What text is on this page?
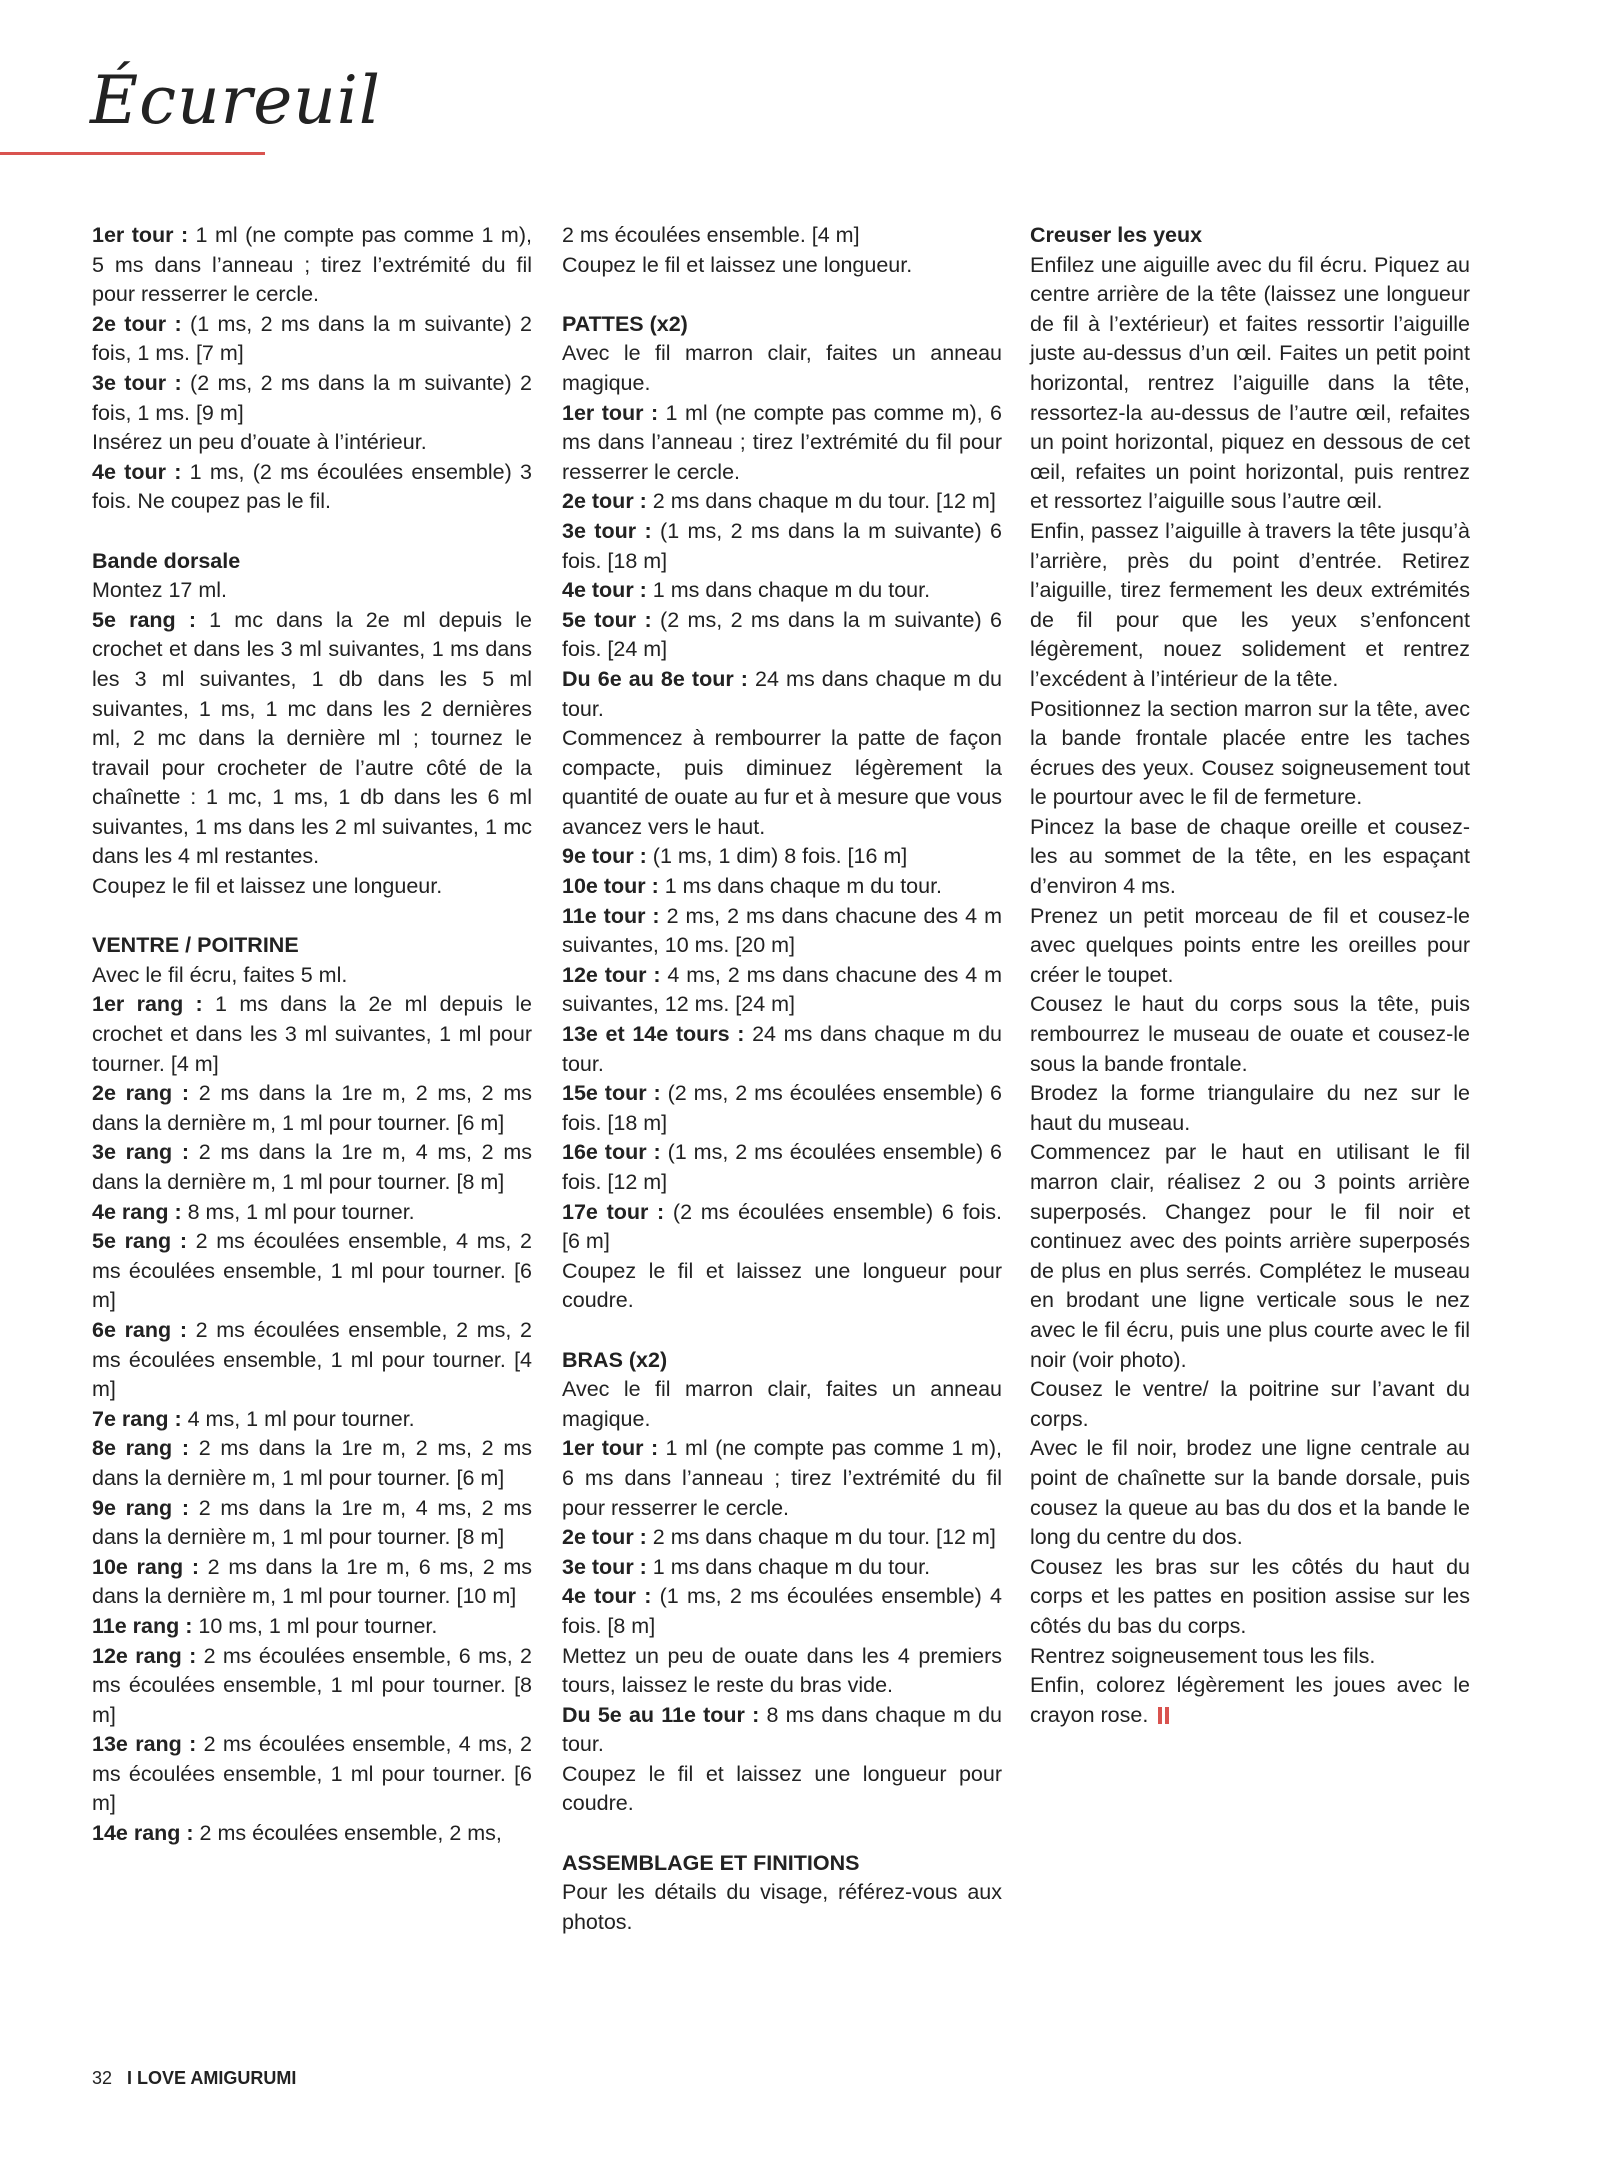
Écureuil

1er tour : 1 ml (ne compte pas comme 1 m), 5 ms dans l’anneau ; tirez l’extrémité du fil pour resserrer le cercle.

2e tour : (1 ms, 2 ms dans la m suivante) 2 fois, 1 ms. [7 m]

3e tour : (2 ms, 2 ms dans la m suivante) 2 fois, 1 ms. [9 m]

Insérez un peu d’ouate à l’intérieur.

4e tour : 1 ms, (2 ms écoulées ensemble) 3 fois. Ne coupez pas le fil.

Bande dorsale

Montez 17 ml.

5e rang : 1 mc dans la 2e ml depuis le crochet et dans les 3 ml suivantes, 1 ms dans les 3 ml suivantes, 1 db dans les 5 ml suivantes, 1 ms, 1 mc dans les 2 dernières ml, 2 mc dans la dernière ml ; tournez le travail pour crocheter de l’autre côté de la chaînette : 1 mc, 1 ms, 1 db dans les 6 ml suivantes, 1 ms dans les 2 ml suivantes, 1 mc dans les 4 ml restantes.

Coupez le fil et laissez une longueur.

VENTRE / POITRINE

Avec le fil écru, faites 5 ml.

1er rang : 1 ms dans la 2e ml depuis le crochet et dans les 3 ml suivantes, 1 ml pour tourner. [4 m]

2e rang : 2 ms dans la 1re m, 2 ms, 2 ms dans la dernière m, 1 ml pour tourner. [6 m]

3e rang : 2 ms dans la 1re m, 4 ms, 2 ms dans la dernière m, 1 ml pour tourner. [8 m]

4e rang : 8 ms, 1 ml pour tourner.

5e rang : 2 ms écoulées ensemble, 4 ms, 2 ms écoulées ensemble, 1 ml pour tourner. [6 m]

6e rang : 2 ms écoulées ensemble, 2 ms, 2 ms écoulées ensemble, 1 ml pour tourner. [4 m]

7e rang : 4 ms, 1 ml pour tourner.

8e rang : 2 ms dans la 1re m, 2 ms, 2 ms dans la dernière m, 1 ml pour tourner. [6 m]

9e rang : 2 ms dans la 1re m, 4 ms, 2 ms dans la dernière m, 1 ml pour tourner. [8 m]

10e rang : 2 ms dans la 1re m, 6 ms, 2 ms dans la dernière m, 1 ml pour tourner. [10 m]

11e rang : 10 ms, 1 ml pour tourner.

12e rang : 2 ms écoulées ensemble, 6 ms, 2 ms écoulées ensemble, 1 ml pour tourner. [8 m]

13e rang : 2 ms écoulées ensemble, 4 ms, 2 ms écoulées ensemble, 1 ml pour tourner. [6 m]

14e rang : 2 ms écoulées ensemble, 2 ms,

2 ms écoulées ensemble. [4 m]

Coupez le fil et laissez une longueur.

PATTES (x2)

Avec le fil marron clair, faites un anneau magique.

1er tour : 1 ml (ne compte pas comme m), 6 ms dans l’anneau ; tirez l’extrémité du fil pour resserrer le cercle.

2e tour : 2 ms dans chaque m du tour. [12 m]

3e tour : (1 ms, 2 ms dans la m suivante) 6 fois. [18 m]

4e tour : 1 ms dans chaque m du tour.

5e tour : (2 ms, 2 ms dans la m suivante) 6 fois. [24 m]

Du 6e au 8e tour : 24 ms dans chaque m du tour.

Commencez à rembourrer la patte de façon compacte, puis diminuez légèrement la quantité de ouate au fur et à mesure que vous avancez vers le haut.

9e tour : (1 ms, 1 dim) 8 fois. [16 m]

10e tour : 1 ms dans chaque m du tour.

11e tour : 2 ms, 2 ms dans chacune des 4 m suivantes, 10 ms. [20 m]

12e tour : 4 ms, 2 ms dans chacune des 4 m suivantes, 12 ms. [24 m]

13e et 14e tours : 24 ms dans chaque m du tour.

15e tour : (2 ms, 2 ms écoulées ensemble) 6 fois. [18 m]

16e tour : (1 ms, 2 ms écoulées ensemble) 6 fois. [12 m]

17e tour : (2 ms écoulées ensemble) 6 fois. [6 m]

Coupez le fil et laissez une longueur pour coudre.

BRAS (x2)

Avec le fil marron clair, faites un anneau magique.

1er tour : 1 ml (ne compte pas comme 1 m), 6 ms dans l’anneau ; tirez l’extrémité du fil pour resserrer le cercle.

2e tour : 2 ms dans chaque m du tour. [12 m]

3e tour : 1 ms dans chaque m du tour.

4e tour : (1 ms, 2 ms écoulées ensemble) 4 fois. [8 m]

Mettez un peu de ouate dans les 4 premiers tours, laissez le reste du bras vide.

Du 5e au 11e tour : 8 ms dans chaque m du tour.

Coupez le fil et laissez une longueur pour coudre.

ASSEMBLAGE ET FINITIONS

Pour les détails du visage, référez-vous aux photos.

Creuser les yeux

Enfilez une aiguille avec du fil écru. Piquez au centre arrière de la tête (laissez une longueur de fil à l’extérieur) et faites ressortir l’aiguille juste au-dessus d’un œil. Faites un petit point horizontal, rentrez l’aiguille dans la tête, ressortez-la au-dessus de l’autre œil, refaites un point horizontal, piquez en dessous de cet œil, refaites un point horizontal, puis rentrez et ressortez l’aiguille sous l’autre œil.

Enfin, passez l’aiguille à travers la tête jusqu’à l’arrière, près du point d’entrée. Retirez l’aiguille, tirez fermement les deux extrémités de fil pour que les yeux s’enfoncent légèrement, nouez solidement et rentrez l’excédent à l’intérieur de la tête.

Positionnez la section marron sur la tête, avec la bande frontale placée entre les taches écrues des yeux. Cousez soigneusement tout le pourtour avec le fil de fermeture.

Pincez la base de chaque oreille et cousez-les au sommet de la tête, en les espaçant d’environ 4 ms.

Prenez un petit morceau de fil et cousez-le avec quelques points entre les oreilles pour créer le toupet.

Cousez le haut du corps sous la tête, puis rembourrez le museau de ouate et cousez-le sous la bande frontale.

Brodez la forme triangulaire du nez sur le haut du museau.

Commencez par le haut en utilisant le fil marron clair, réalisez 2 ou 3 points arrière superposés. Changez pour le fil noir et continuez avec des points arrière superposés de plus en plus serrés. Complétez le museau en brodant une ligne verticale sous le nez avec le fil écru, puis une plus courte avec le fil noir (voir photo).

Cousez le ventre/ la poitrine sur l’avant du corps.

Avec le fil noir, brodez une ligne centrale au point de chaînette sur la bande dorsale, puis cousez la queue au bas du dos et la bande le long du centre du dos.

Cousez les bras sur les côtés du haut du corps et les pattes en position assise sur les côtés du bas du corps.

Rentrez soigneusement tous les fils.

Enfin, colorez légèrement les joues avec le crayon rose.

32 I LOVE AMIGURUMI
